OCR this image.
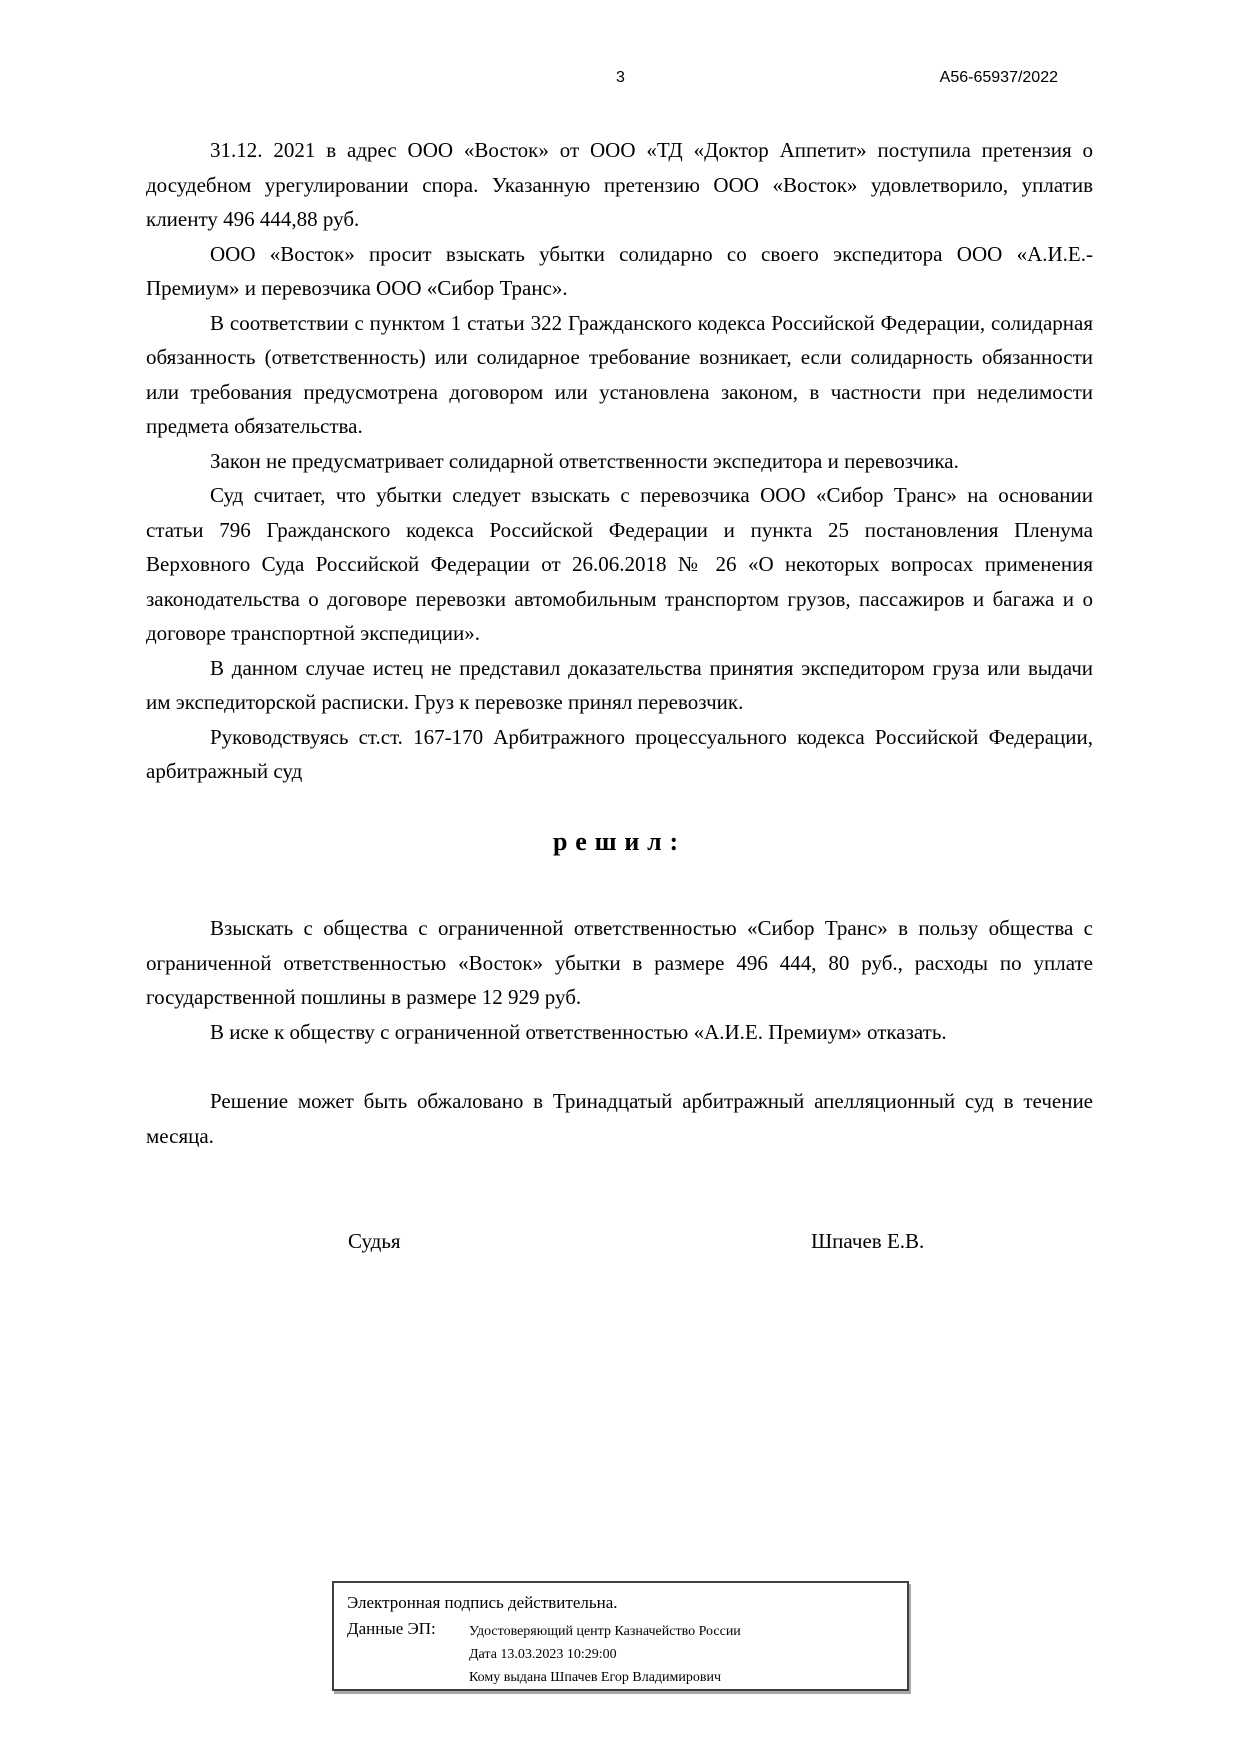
3	А56-65937/2022

31.12. 2021 в адрес ООО «Восток» от ООО «ТД «Доктор Аппетит» поступила претензия о досудебном урегулировании спора. Указанную претензию ООО «Восток» удовлетворило, уплатив клиенту 496 444,88 руб.

ООО «Восток» просит взыскать убытки солидарно со своего экспедитора ООО «А.И.Е.-Премиум» и перевозчика ООО «Сибор Транс».

В соответствии с пунктом 1 статьи 322 Гражданского кодекса Российской Федерации, солидарная обязанность (ответственность) или солидарное требование возникает, если солидарность обязанности или требования предусмотрена договором или установлена законом, в частности при неделимости предмета обязательства.

Закон не предусматривает солидарной ответственности экспедитора и перевозчика.

Суд считает, что убытки следует взыскать с перевозчика ООО «Сибор Транс» на основании статьи 796 Гражданского кодекса Российской Федерации и пункта 25 постановления Пленума Верховного Суда Российской Федерации от 26.06.2018 № 26 «О некоторых вопросах применения законодательства о договоре перевозки автомобильным транспортом грузов, пассажиров и багажа и о договоре транспортной экспедиции».

В данном случае истец не представил доказательства принятия экспедитором груза или выдачи им экспедиторской расписки. Груз к перевозке принял перевозчик.

Руководствуясь ст.ст. 167-170 Арбитражного процессуального кодекса Российской Федерации, арбитражный суд

решил:

Взыскать с общества с ограниченной ответственностью «Сибор Транс» в пользу общества с ограниченной ответственностью «Восток» убытки в размере 496 444, 80 руб., расходы по уплате государственной пошлины в размере 12 929 руб.

В иске к обществу с ограниченной ответственностью «А.И.Е. Премиум» отказать.

Решение может быть обжаловано в Тринадцатый арбитражный апелляционный суд в течение месяца.

Судья	Шпачев Е.В.

Электронная подпись действительна.

Данные ЭП:	Удостоверяющий центр Казначейство России
Дата 13.03.2023 10:29:00
Кому выдана Шпачев Егор Владимирович
